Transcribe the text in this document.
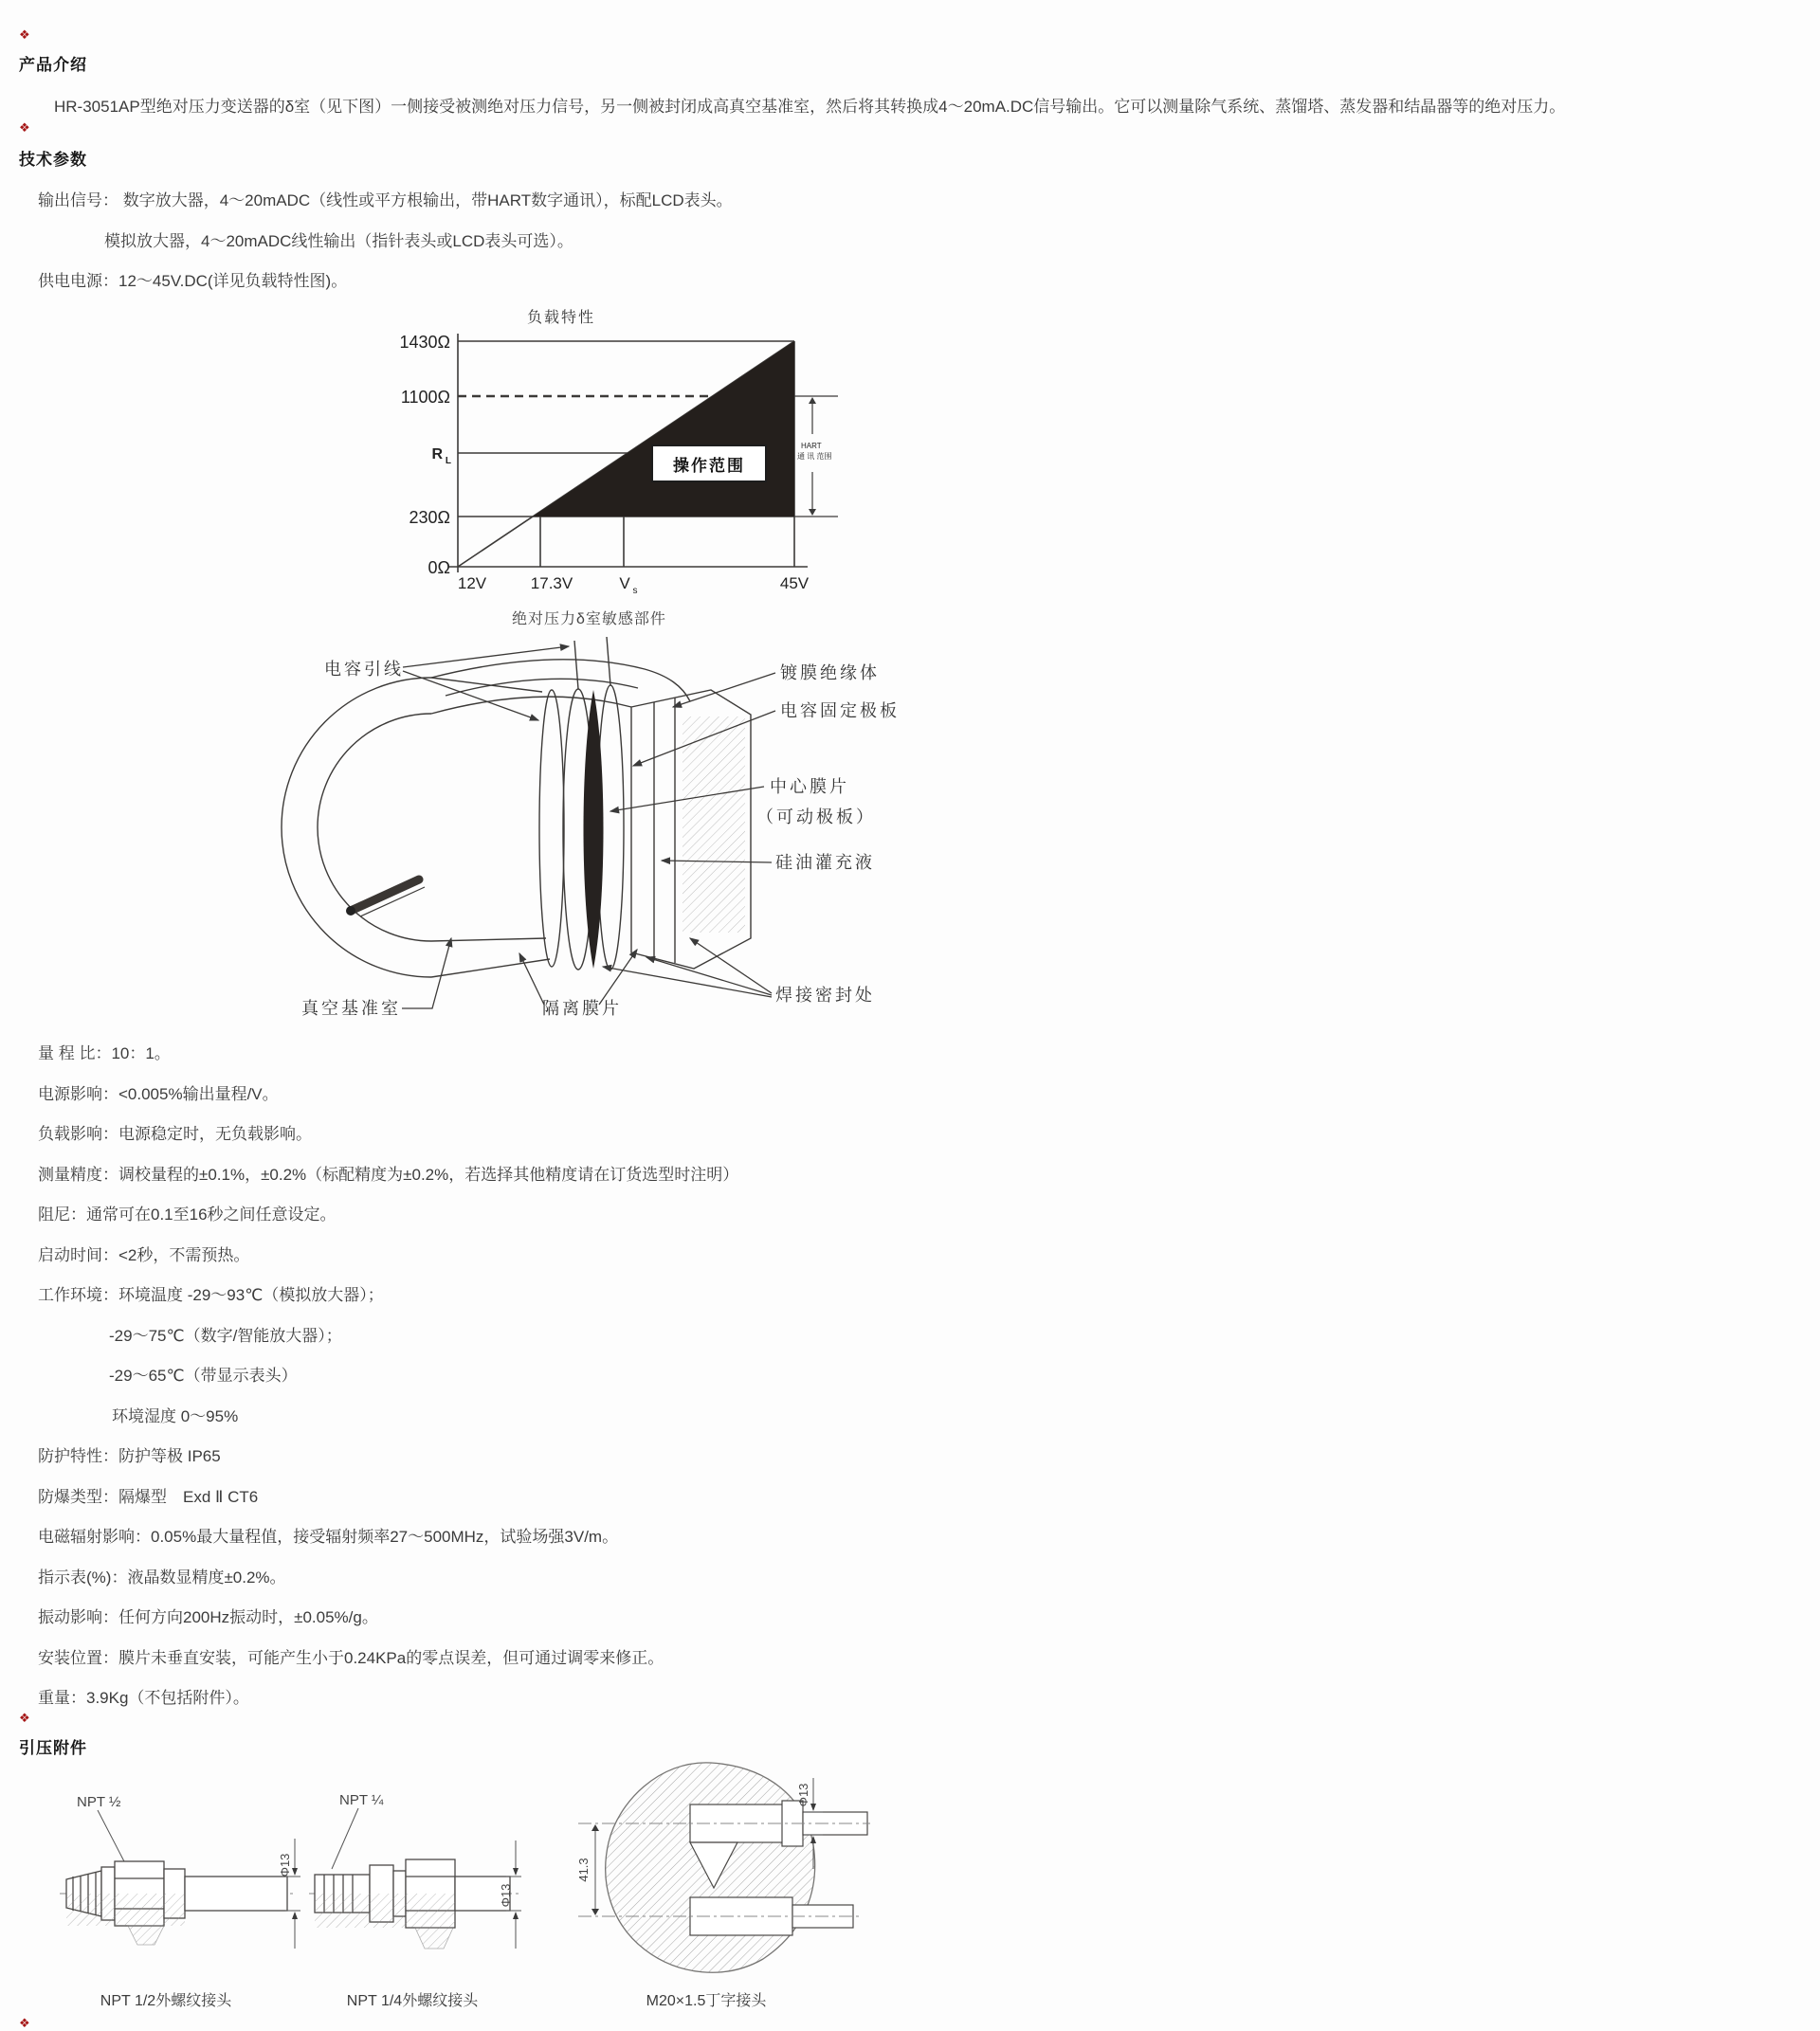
❖
产品介绍
HR-3051AP型绝对压力变送器的δ室（见下图）一侧接受被测绝对压力信号，另一侧被封闭成高真空基准室，然后将其转换成4～20mA.DC信号输出。它可以测量除气系统、蒸馏塔、蒸发器和结晶器等的绝对压力。
❖
技术参数
输出信号： 数字放大器，4～20mADC（线性或平方根输出，带HART数字通讯），标配LCD表头。
模拟放大器，4～20mADC线性输出（指针表头或LCD表头可选）。
供电电源：12～45V.DC(详见负载特性图)。
负载特性
操作范围
HART
通 讯 范围
1430Ω
1100Ω
R L
230Ω
0Ω
12V	17.3V	V s	45V
绝对压力δ室敏感部件
电容引线	镀膜绝缘体
电容固定极板
中心膜片
（可动极板）
硅油灌充液
焊接密封处
真空基准室	隔离膜片
量 程 比：10：1。
电源影响：<0.005%输出量程/V。
负载影响：电源稳定时，无负载影响。
测量精度：调校量程的±0.1%，±0.2%（标配精度为±0.2%，若选择其他精度请在订货选型时注明）
阻尼：通常可在0.1至16秒之间任意设定。
启动时间：<2秒，不需预热。
工作环境：环境温度 -29～93℃（模拟放大器）；
-29～75℃（数字/智能放大器）；
-29～65℃（带显示表头）
环境湿度 0～95%
防护特性：防护等极 IP65
防爆类型：隔爆型　Exd Ⅱ CT6
电磁辐射影响：0.05%最大量程值，接受辐射频率27～500MHz，试验场强3V/m。
指示表(%)：液晶数显精度±0.2%。
振动影响：任何方向200Hz振动时，±0.05%/g。
安装位置：膜片未垂直安装，可能产生小于0.24KPa的零点误差，但可通过调零来修正。
重量：3.9Kg（不包括附件）。
❖
引压附件
NPT ½
Φ13
NPT 1/2外螺纹接头
NPT ¼
Φ13
NPT 1/4外螺纹接头
41.3
Φ13
M20×1.5丁字接头
❖
